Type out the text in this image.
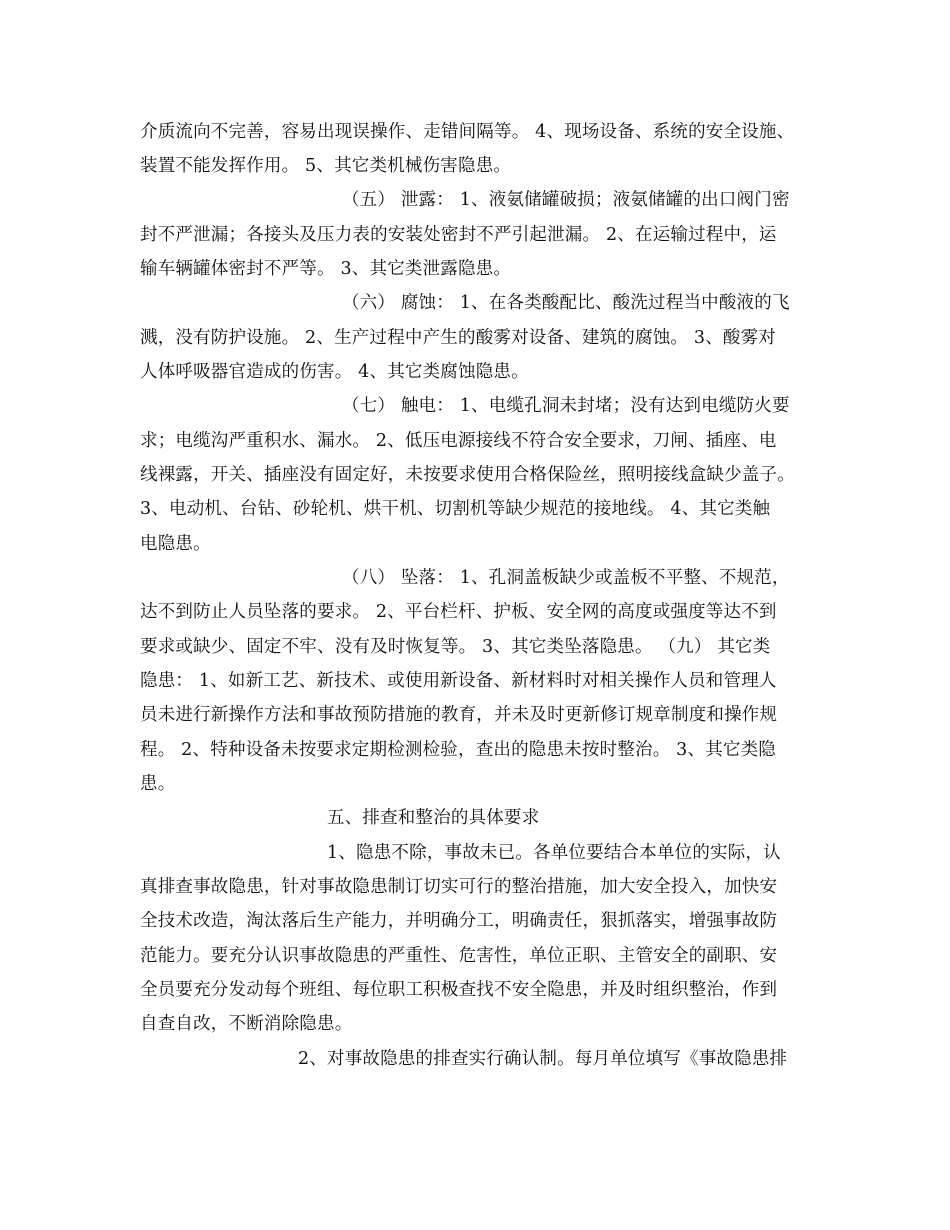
介质流向不完善，容易出现误操作、走错间隔等。 4、现场设备、系统的安全设施、
装置不能发挥作用。 5、其它类机械伤害隐患。
（五） 泄露： 1、液氨储罐破损；液氨储罐的出口阀门密
封不严泄漏；各接头及压力表的安装处密封不严引起泄漏。 2、在运输过程中，运
输车辆罐体密封不严等。 3、其它类泄露隐患。
（六） 腐蚀： 1、在各类酸配比、酸洗过程当中酸液的飞
溅，没有防护设施。 2、生产过程中产生的酸雾对设备、建筑的腐蚀。 3、酸雾对
人体呼吸器官造成的伤害。 4、其它类腐蚀隐患。
（七） 触电： 1、电缆孔洞未封堵；没有达到电缆防火要
求；电缆沟严重积水、漏水。 2、低压电源接线不符合安全要求，刀闸、插座、电
线裸露，开关、插座没有固定好，未按要求使用合格保险丝，照明接线盒缺少盖子。
3、电动机、台钻、砂轮机、烘干机、切割机等缺少规范的接地线。 4、其它类触
电隐患。
（八） 坠落： 1、孔洞盖板缺少或盖板不平整、不规范，
达不到防止人员坠落的要求。 2、平台栏杆、护板、安全网的高度或强度等达不到
要求或缺少、固定不牢、没有及时恢复等。 3、其它类坠落隐患。 （九） 其它类
隐患： 1、如新工艺、新技术、或使用新设备、新材料时对相关操作人员和管理人
员未进行新操作方法和事故预防措施的教育，并未及时更新修订规章制度和操作规
程。 2、特种设备未按要求定期检测检验，查出的隐患未按时整治。 3、其它类隐
患。
五、排查和整治的具体要求
1、隐患不除，事故未已。各单位要结合本单位的实际，认
真排查事故隐患，针对事故隐患制订切实可行的整治措施，加大安全投入，加快安
全技术改造，淘汰落后生产能力，并明确分工，明确责任，狠抓落实，增强事故防
范能力。要充分认识事故隐患的严重性、危害性，单位正职、主管安全的副职、安
全员要充分发动每个班组、每位职工积极查找不安全隐患，并及时组织整治，作到
自查自改，不断消除隐患。
2、对事故隐患的排查实行确认制。每月单位填写《事故隐患排
